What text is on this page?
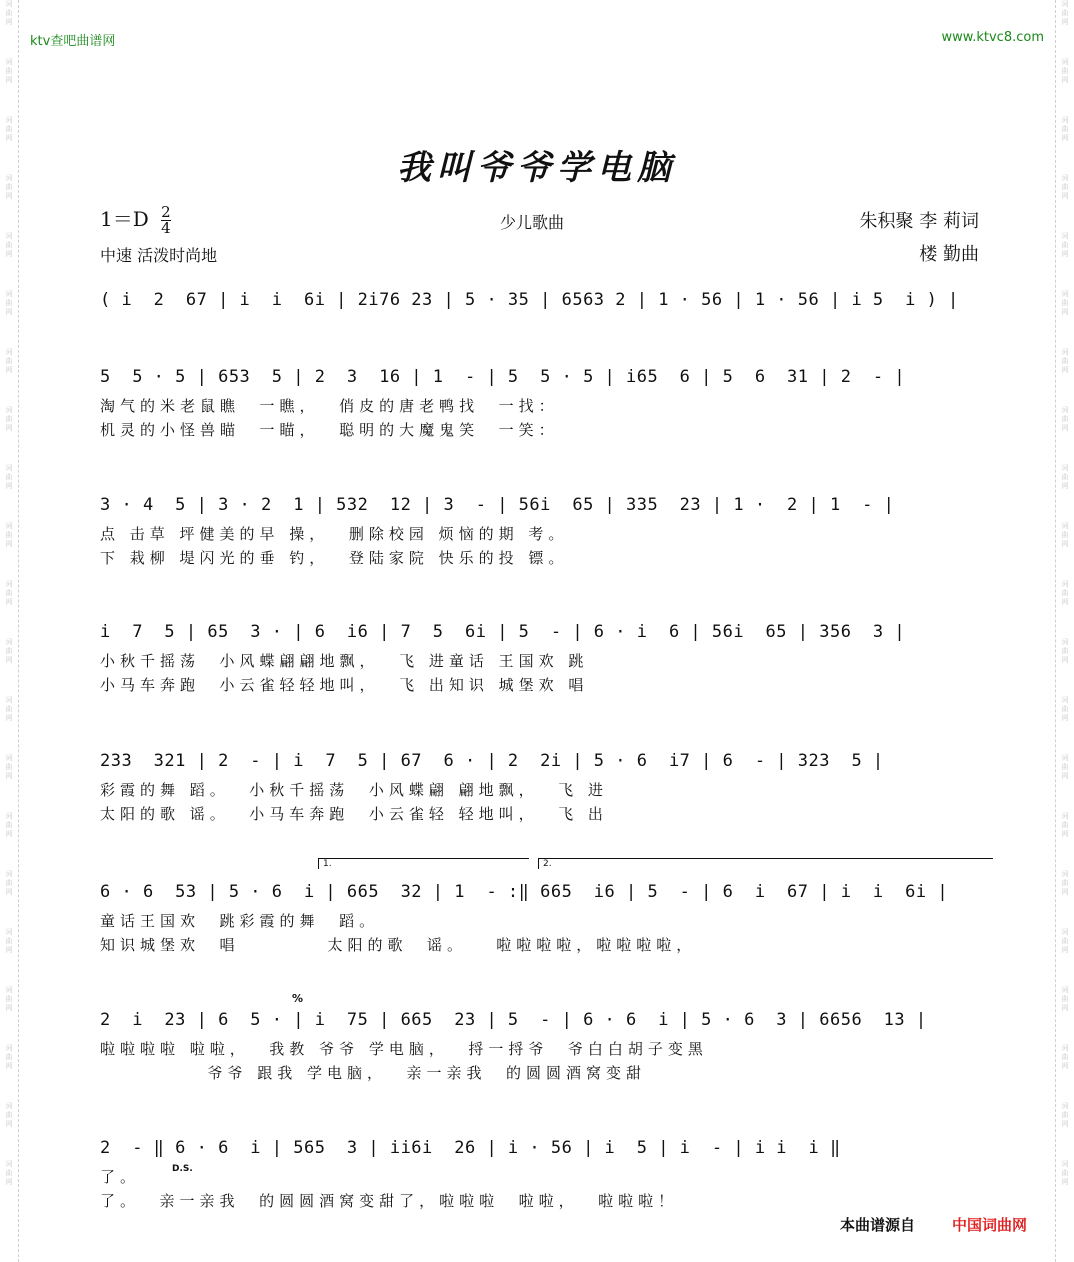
词
曲
网
词
曲
网
词
曲
网
词
曲
网
词
曲
网
词
曲
网
词
曲
网
词
曲
网
词
曲
网
词
曲
网
词
曲
网
词
曲
网
词
曲
网
词
曲
网
词
曲
网
词
曲
网
词
曲
网
词
曲
网
词
曲
网
词
曲
网
词
曲
网
词
曲
网
词
曲
网
词
曲
网
词
曲
网
词
曲
网
词
曲
网
词
曲
网
词
曲
网
词
曲
网
词
曲
网
词
曲
网
词
曲
网
词
曲
网
词
曲
网
词
曲
网
词
曲
网
词
曲
网
词
曲
网
词
曲
网
词
曲
网
词
曲
网
ktv查吧曲谱网	www.ktvc8.com
我叫爷爷学电脑
$1=D \frac{2}{4}$	少儿歌曲	朱积聚 李 莉词
楼 勤曲
中速 活泼时尚地
( i  2  67 | i  i  6i | 2i76 23 | 5 · 35 | 6563 2 | 1 · 56 | 1 · 56 | i 5  i ) |
5  5 · 5 | 653  5 | 2  3  16 | 1  - | 5  5 · 5 | i65  6 | 5  6  31 | 2  - |
淘气的米老鼠瞧  一瞧，  俏皮的唐老鸭找  一找：
机灵的小怪兽瞄  一瞄，  聪明的大魔鬼笑  一笑：
3 · 4  5 | 3 · 2  1 | 532  12 | 3  - | 56i  65 | 335  23 | 1 ·  2 | 1  - |
点 击草 坪健美的早 操，  删除校园 烦恼的期 考。
下 栽柳 堤闪光的垂 钓，  登陆家院 快乐的投 镖。
i  7  5 | 65  3 · | 6  i6 | 7  5  6i | 5  - | 6 · i  6 | 56i  65 | 356  3 |
小秋千摇荡  小风蝶翩翩地飘，  飞 进童话 王国欢 跳
小马车奔跑  小云雀轻轻地叫，  飞 出知识 城堡欢 唱
233  321 | 2  - | i  7  5 | 67  6 · | 2  2i | 5 · 6  i7 | 6  - | 323  5 |
彩霞的舞 蹈。  小秋千摇荡  小风蝶翩 翩地飘，  飞 进
太阳的歌 谣。  小马车奔跑  小云雀轻 轻地叫，  飞 出
1.	2.
6 · 6  53 | 5 · 6  i | 665  32 | 1  - :‖ 665  i6 | 5  - | 6  i  67 | i  i  6i |
童话王国欢  跳彩霞的舞  蹈。
知识城堡欢  唱         太阳的歌  谣。   啦啦啦啦，啦啦啦啦，
%
2  i  23 | 6  5 · | i  75 | 665  23 | 5  - | 6 · 6  i | 5 · 6  3 | 6656  13 |
啦啦啦啦 啦啦，  我教 爷爷 学电脑，  捋一捋爷  爷白白胡子变黑
爷爷 跟我 学电脑，  亲一亲我  的圆圆酒窝变甜
2  - ‖ 6 · 6  i | 565  3 | ii6i  26 | i · 56 | i  5 | i  - | i i  i ‖
了。
了。  亲一亲我  的圆圆酒窝变甜了，啦啦啦  啦啦，  啦啦啦！
D.S.
本曲谱源自 中国词曲网
